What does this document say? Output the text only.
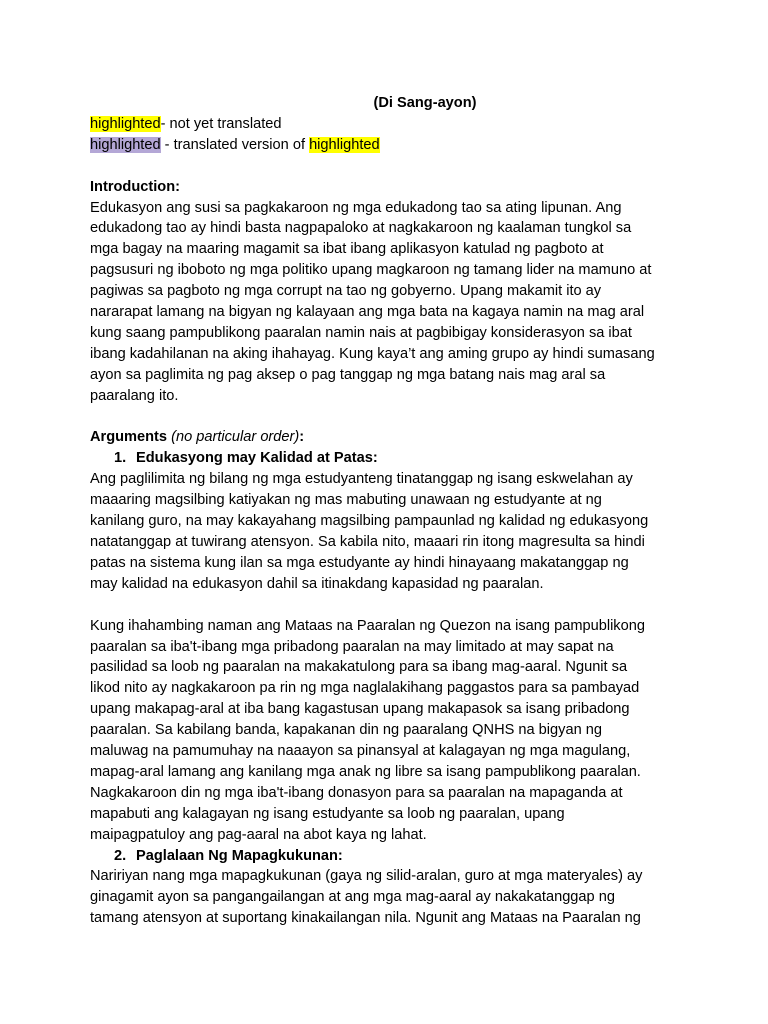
(Di Sang-ayon)

highlighted- not yet translated

highlighted - translated version of highlighted

Introduction:

Edukasyon ang susi sa pagkakaroon ng mga edukadong tao sa ating lipunan. Ang
edukadong tao ay hindi basta nagpapaloko at nagkakaroon ng kaalaman tungkol sa
mga bagay na maaring magamit sa ibat ibang aplikasyon katulad ng pagboto at
pagsusuri ng iboboto ng mga politiko upang magkaroon ng tamang lider na mamuno at
pagiwas sa pagboto ng mga corrupt na tao ng gobyerno. Upang makamit ito ay
nararapat lamang na bigyan ng kalayaan ang mga bata na kagaya namin na mag aral
kung saang pampublikong paaralan namin nais at pagbibigay konsiderasyon sa ibat
ibang kadahilanan na aking ihahayag. Kung kaya’t ang aming grupo ay hindi sumasang
ayon sa paglimita ng pag aksep o pag tanggap ng mga batang nais mag aral sa
paaralang ito.

Arguments (no particular order):

1. Edukasyong may Kalidad at Patas:

Ang paglilimita ng bilang ng mga estudyanteng tinatanggap ng isang eskwelahan ay
maaaring magsilbing katiyakan ng mas mabuting unawaan ng estudyante at ng
kanilang guro, na may kakayahang magsilbing pampaunlad ng kalidad ng edukasyong
natatanggap at tuwirang atensyon. Sa kabila nito, maaari rin itong magresulta sa hindi
patas na sistema kung ilan sa mga estudyante ay hindi hinayaang makatanggap ng
may kalidad na edukasyon dahil sa itinakdang kapasidad ng paaralan.

Kung ihahambing naman ang Mataas na Paaralan ng Quezon na isang pampublikong
paaralan sa iba't-ibang mga pribadong paaralan na may limitado at may sapat na
pasilidad sa loob ng paaralan na makakatulong para sa ibang mag-aaral. Ngunit sa
likod nito ay nagkakaroon pa rin ng mga naglalakihang paggastos para sa pambayad
upang makapag-aral at iba bang kagastusan upang makapasok sa isang pribadong
paaralan. Sa kabilang banda, kapakanan din ng paaralang QNHS na bigyan ng
maluwag na pamumuhay na naaayon sa pinansyal at kalagayan ng mga magulang,
mapag-aral lamang ang kanilang mga anak ng libre sa isang pampublikong paaralan.
Nagkakaroon din ng mga iba't-ibang donasyon para sa paaralan na mapaganda at
mapabuti ang kalagayan ng isang estudyante sa loob ng paaralan, upang
maipagpatuloy ang pag-aaral na abot kaya ng lahat.

2. Paglalaan Ng Mapagkukunan:

Naririyan nang mga mapagkukunan (gaya ng silid-aralan, guro at mga materyales) ay
ginagamit ayon sa pangangailangan at ang mga mag-aaral ay nakakatanggap ng
tamang atensyon at suportang kinakailangan nila. Ngunit ang Mataas na Paaralan ng
